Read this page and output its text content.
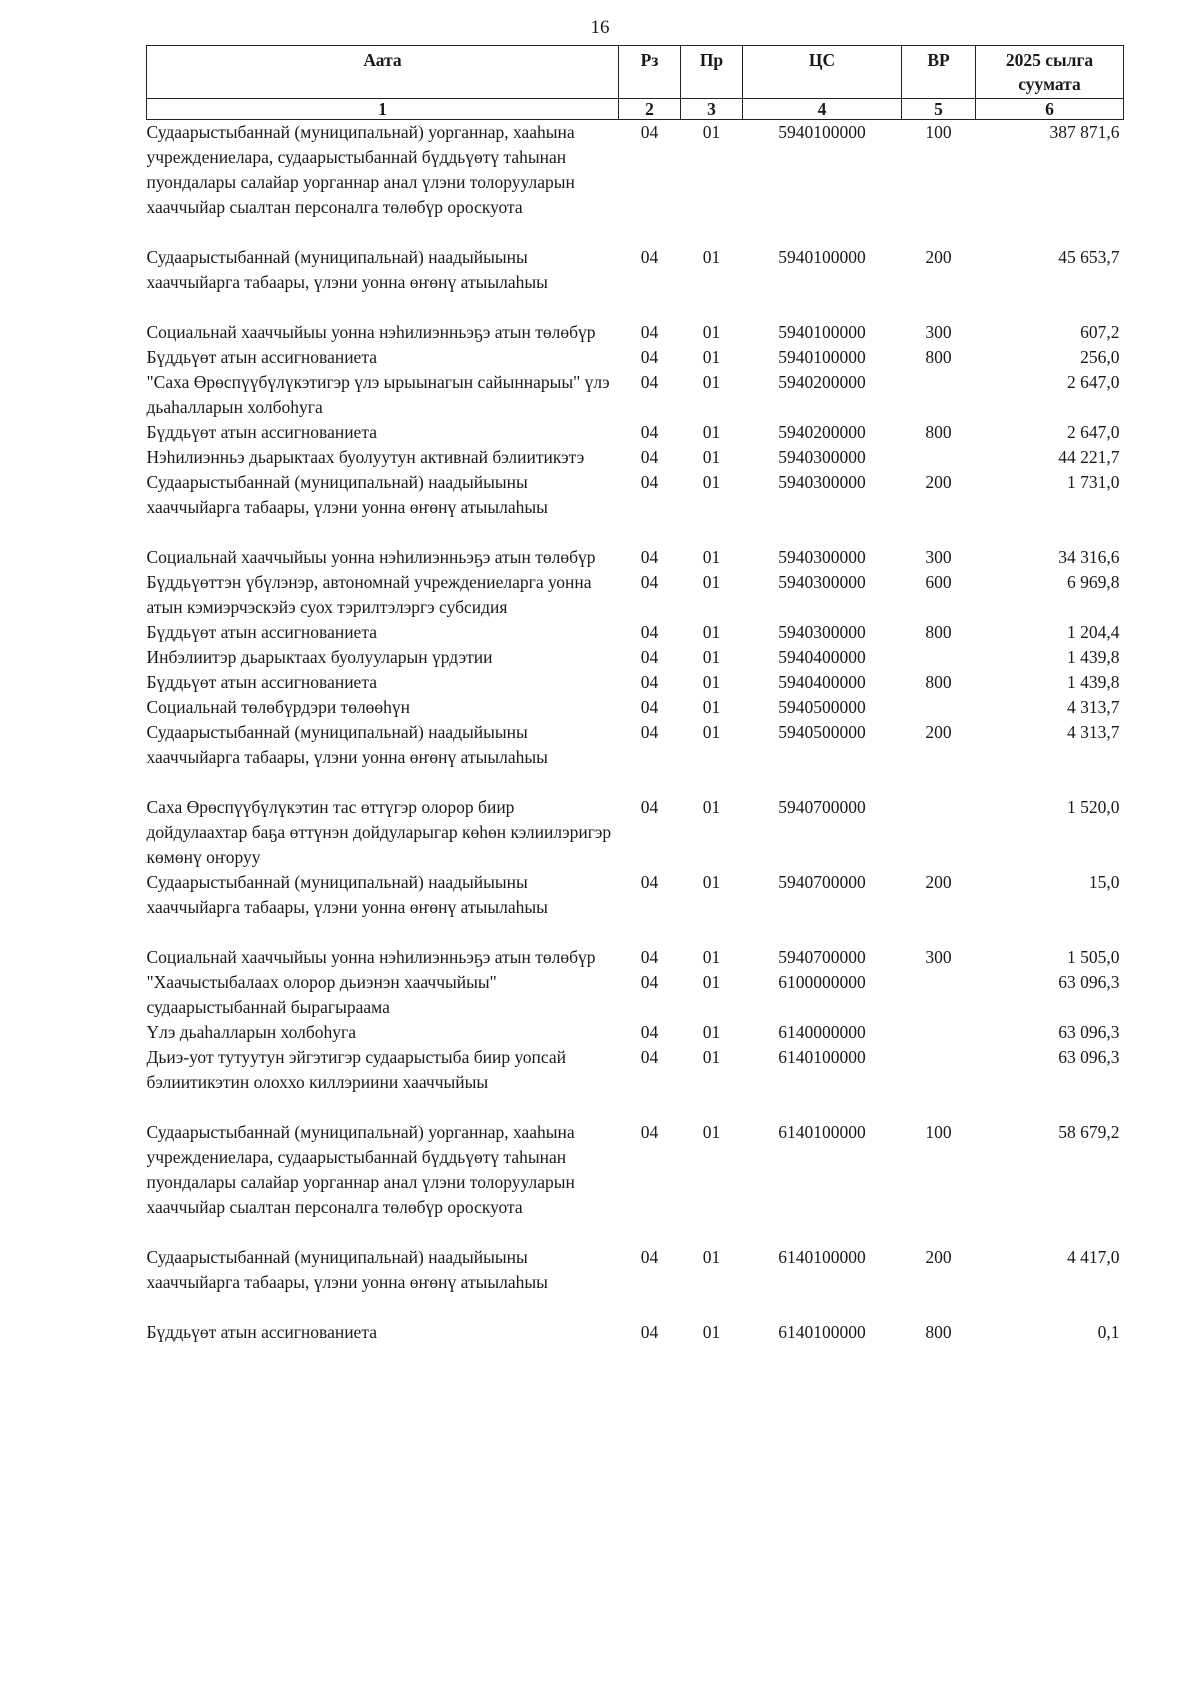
16
Аата	Рз	Пр	ЦС	ВР	2025 сылга суумата
1	2	3	4	5	6
Судаарыстыбаннай (муниципальнай) уорганнар, хааһына учреждениелара, судаарыстыбаннай бүддьүөтү таһынан пуондалары салайар уорганнар анал үлэни толорууларын хааччыйар сыалтан персоналга төлөбүр ороскуота	04	01	5940100000	100	387 871,6
Судаарыстыбаннай (муниципальнай) наадыйыыны хааччыйарга табаары, үлэни уонна өҥөнү атыылаһыы	04	01	5940100000	200	45 653,7
Социальнай хааччыйыы уонна нэһилиэнньэҕэ атын төлөбүр	04	01	5940100000	300	607,2
Бүддьүөт атын ассигнованиета	04	01	5940100000	800	256,0
"Саха Өрөспүүбүлүкэтигэр үлэ ырыынагын сайыннарыы" үлэ дьаһалларын холбоһуга	04	01	5940200000		2 647,0
Бүддьүөт атын ассигнованиета	04	01	5940200000	800	2 647,0
Нэһилиэнньэ дьарыктаах буолуутун активнай бэлиитикэтэ	04	01	5940300000		44 221,7
Судаарыстыбаннай (муниципальнай) наадыйыыны хааччыйарга табаары, үлэни уонна өҥөнү атыылаһыы	04	01	5940300000	200	1 731,0
Социальнай хааччыйыы уонна нэһилиэнньэҕэ атын төлөбүр	04	01	5940300000	300	34 316,6
Бүддьүөттэн үбүлэнэр, автономнай учреждениеларга уонна атын кэмиэрчэскэйэ суох тэрилтэлэргэ субсидия	04	01	5940300000	600	6 969,8
Бүддьүөт атын ассигнованиета	04	01	5940300000	800	1 204,4
Инбэлиитэр дьарыктаах буолууларын үрдэтии	04	01	5940400000		1 439,8
Бүддьүөт атын ассигнованиета	04	01	5940400000	800	1 439,8
Социальнай төлөбүрдэри төлөөһүн	04	01	5940500000		4 313,7
Судаарыстыбаннай (муниципальнай) наадыйыыны хааччыйарга табаары, үлэни уонна өҥөнү атыылаһыы	04	01	5940500000	200	4 313,7
Саха Өрөспүүбүлүкэтин тас өттүгэр олорор биир дойдулаахтар баҕа өттүнэн дойдуларыгар көһөн кэлиилэригэр көмөнү оҥоруу	04	01	5940700000		1 520,0
Судаарыстыбаннай (муниципальнай) наадыйыыны хааччыйарга табаары, үлэни уонна өҥөнү атыылаһыы	04	01	5940700000	200	15,0
Социальнай хааччыйыы уонна нэһилиэнньэҕэ атын төлөбүр	04	01	5940700000	300	1 505,0
"Хаачыстыбалаах олорор дьиэнэн хааччыйыы" судаарыстыбаннай бырагыраама	04	01	6100000000		63 096,3
Үлэ дьаһалларын холбоһуга	04	01	6140000000		63 096,3
Дьиэ-уот тутуутун эйгэтигэр судаарыстыба биир уопсай бэлиитикэтин олоххо киллэриини хааччыйыы	04	01	6140100000		63 096,3
Судаарыстыбаннай (муниципальнай) уорганнар, хааһына учреждениелара, судаарыстыбаннай бүддьүөтү таһынан пуондалары салайар уорганнар анал үлэни толорууларын хааччыйар сыалтан персоналга төлөбүр ороскуота	04	01	6140100000	100	58 679,2
Судаарыстыбаннай (муниципальнай) наадыйыыны хааччыйарга табаары, үлэни уонна өҥөнү атыылаһыы	04	01	6140100000	200	4 417,0
Бүддьүөт атын ассигнованиета	04	01	6140100000	800	0,1
